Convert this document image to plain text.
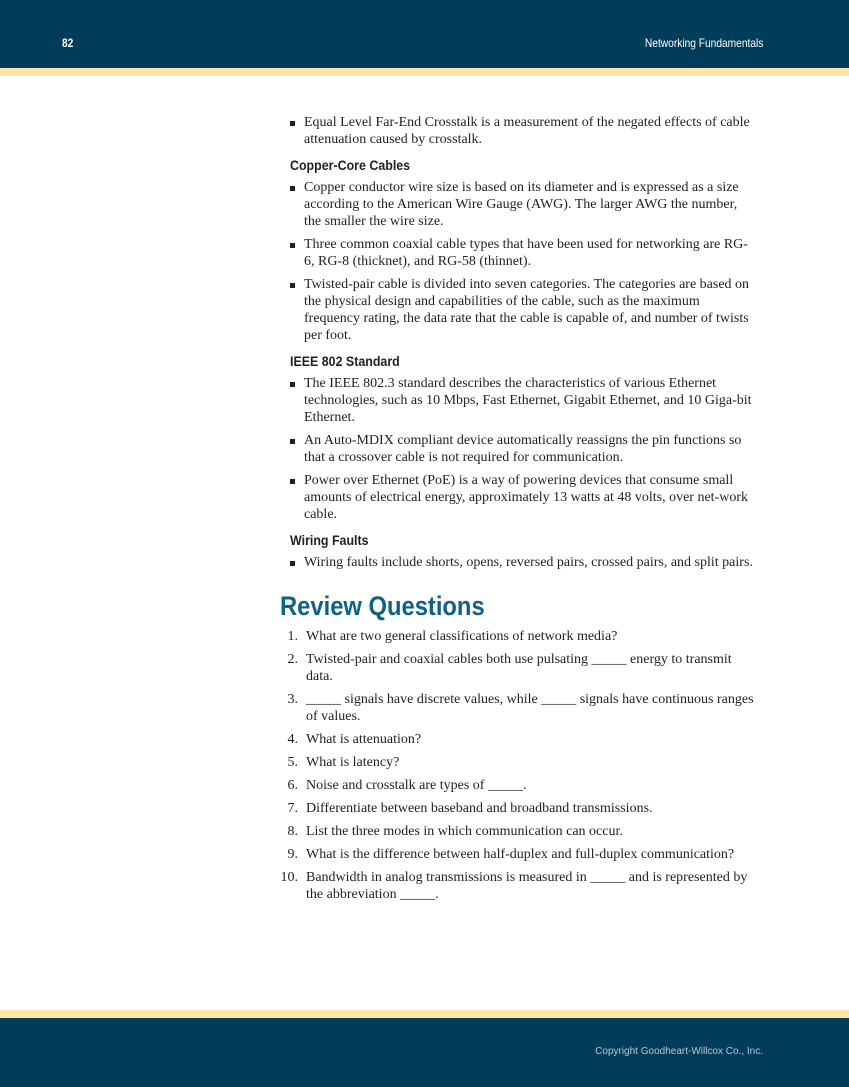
82	Networking Fundamentals
Equal Level Far-End Crosstalk is a measurement of the negated effects of cable attenuation caused by crosstalk.
Copper-Core Cables
Copper conductor wire size is based on its diameter and is expressed as a size according to the American Wire Gauge (AWG). The larger AWG the number, the smaller the wire size.
Three common coaxial cable types that have been used for networking are RG-6, RG-8 (thicknet), and RG-58 (thinnet).
Twisted-pair cable is divided into seven categories. The categories are based on the physical design and capabilities of the cable, such as the maximum frequency rating, the data rate that the cable is capable of, and number of twists per foot.
IEEE 802 Standard
The IEEE 802.3 standard describes the characteristics of various Ethernet technologies, such as 10 Mbps, Fast Ethernet, Gigabit Ethernet, and 10 Giga-bit Ethernet.
An Auto-MDIX compliant device automatically reassigns the pin functions so that a crossover cable is not required for communication.
Power over Ethernet (PoE) is a way of powering devices that consume small amounts of electrical energy, approximately 13 watts at 48 volts, over net-work cable.
Wiring Faults
Wiring faults include shorts, opens, reversed pairs, crossed pairs, and split pairs.
Review Questions
1. What are two general classifications of network media?
2. Twisted-pair and coaxial cables both use pulsating _____ energy to transmit data.
3. _____ signals have discrete values, while _____ signals have continuous ranges of values.
4. What is attenuation?
5. What is latency?
6. Noise and crosstalk are types of _____.
7. Differentiate between baseband and broadband transmissions.
8. List the three modes in which communication can occur.
9. What is the difference between half-duplex and full-duplex communication?
10. Bandwidth in analog transmissions is measured in _____ and is represented by the abbreviation _____.
Copyright Goodheart-Willcox Co., Inc.
